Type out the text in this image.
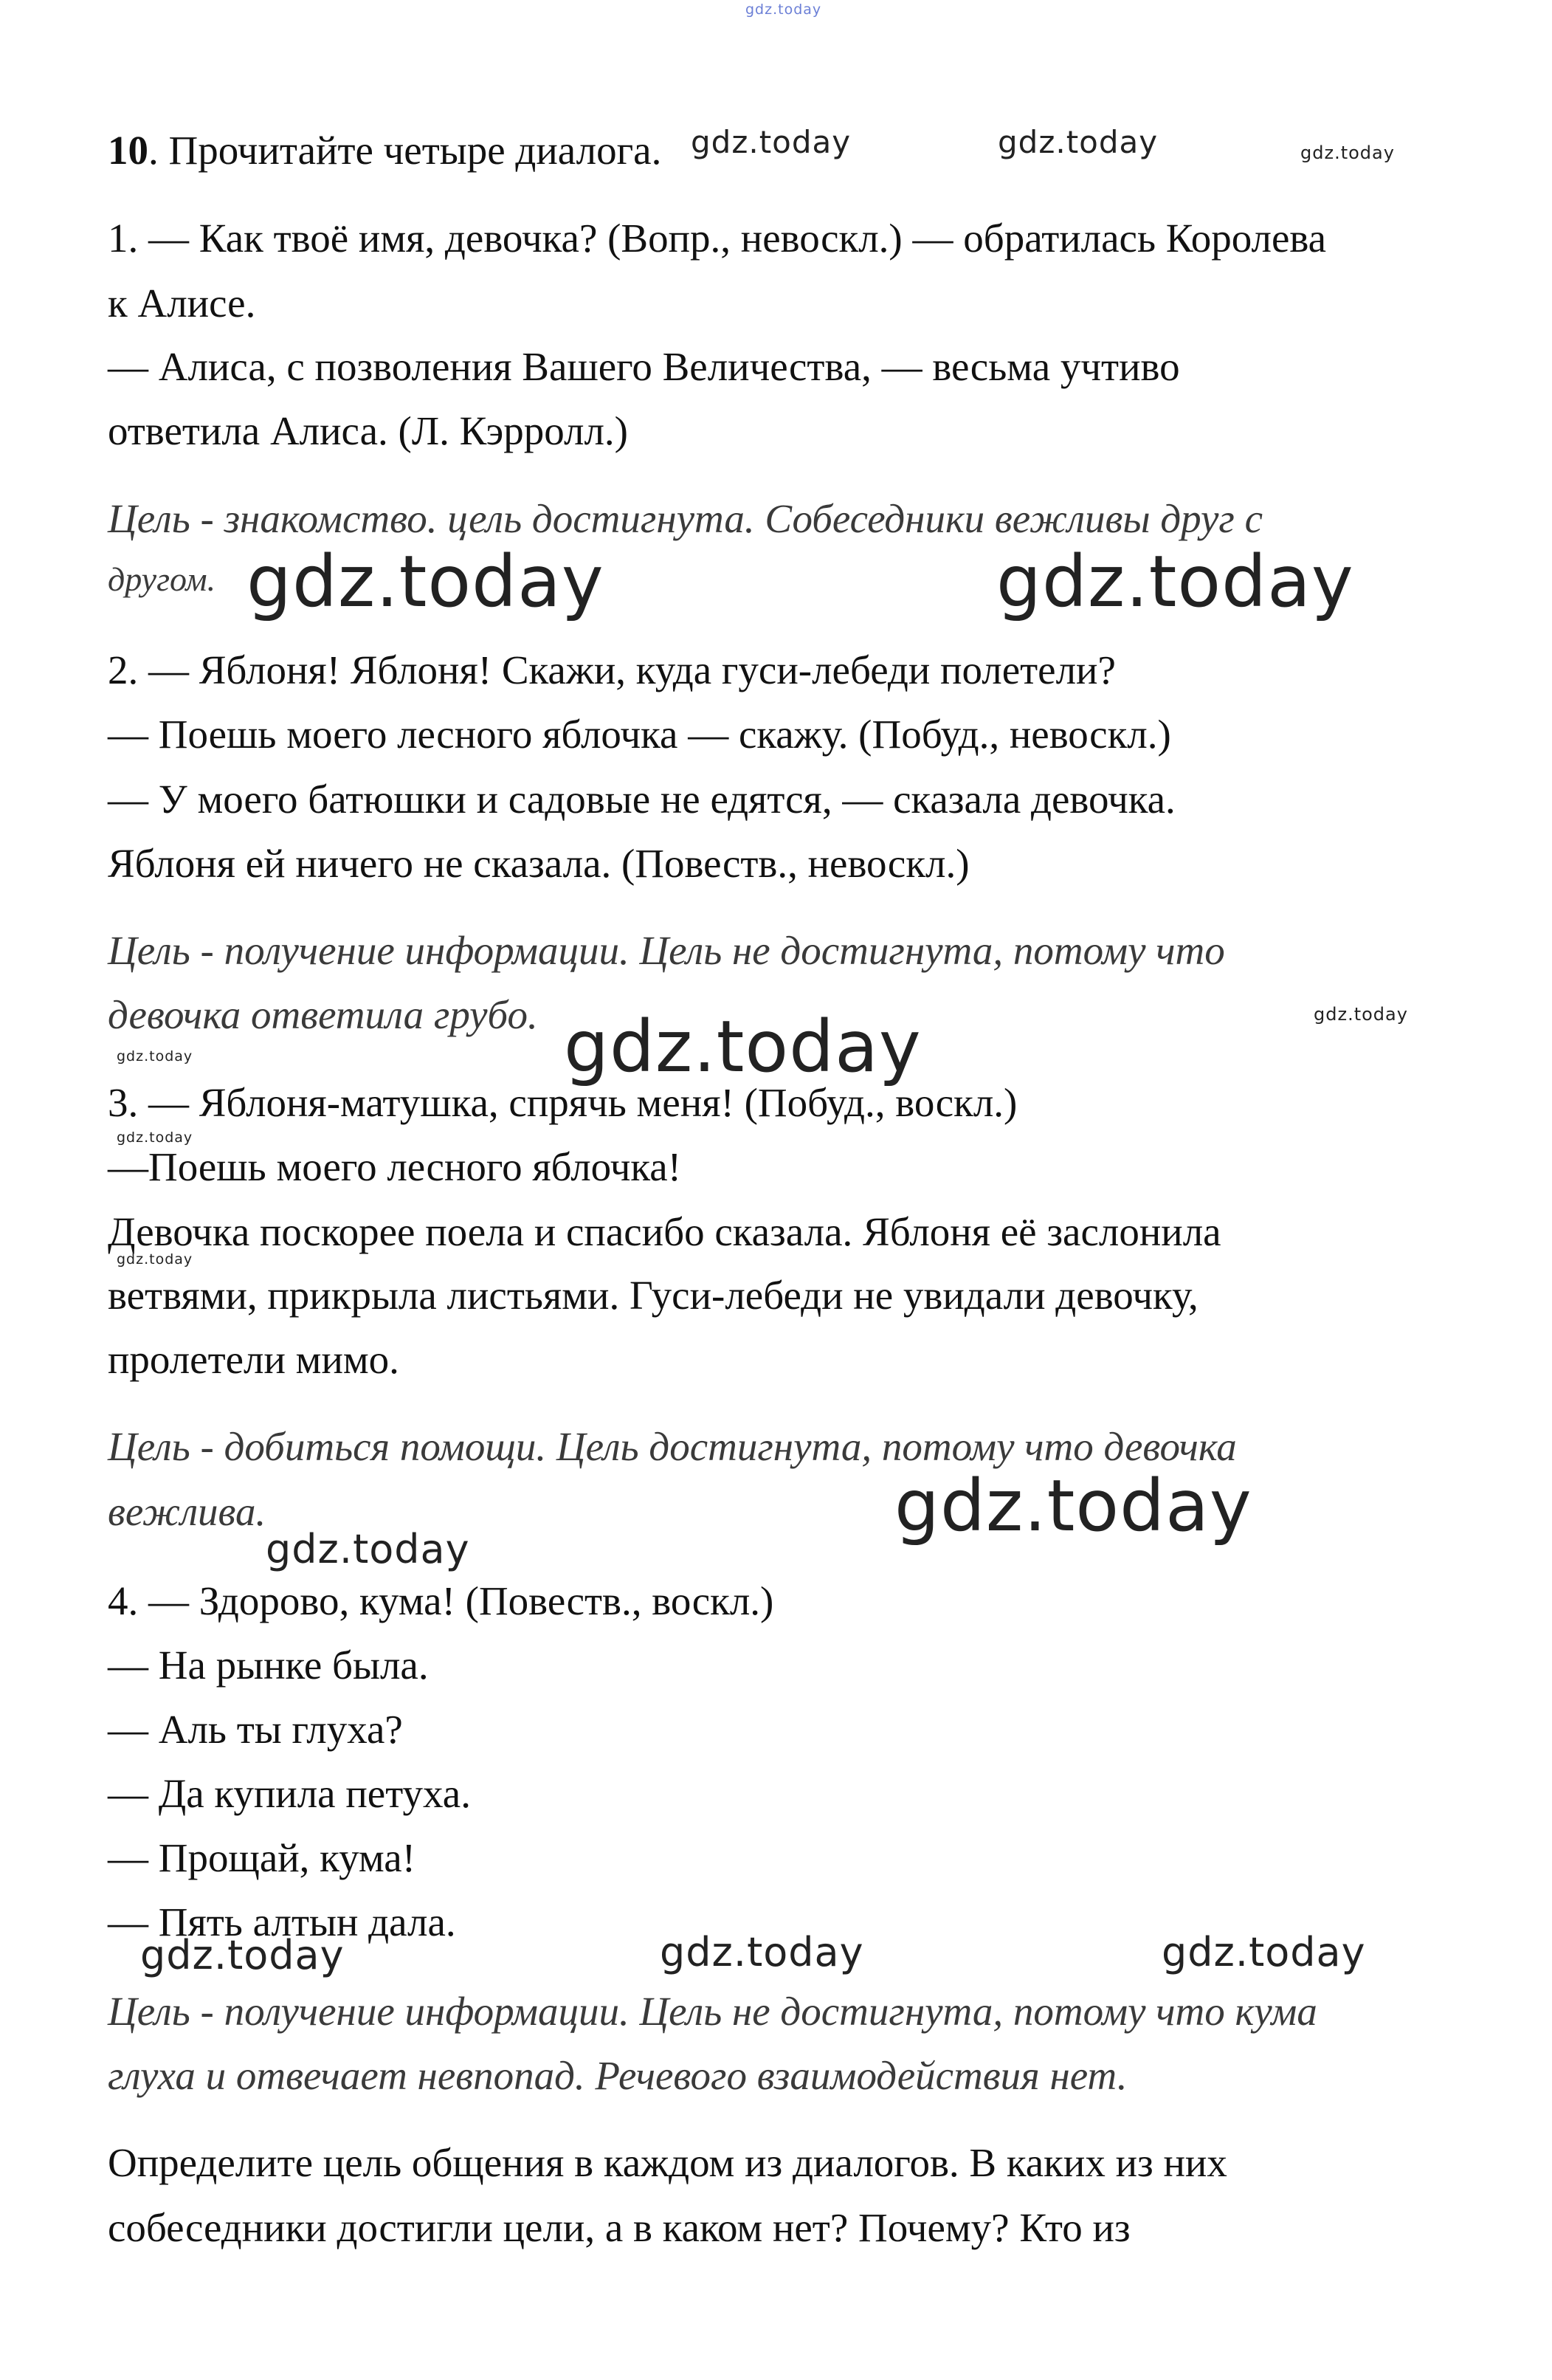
gdz.today

10. Прочитайте четыре диалога. gdz.today	gdz.today	gdz.today

1. — Как твоё имя, девочка? (Вопр., невоскл.) — обратилась Королева

к Алисе.

— Алиса, с позволения Вашего Величества, — весьма учтиво

ответила Алиса. (Л. Кэрролл.)

Цель - знакомство. цель достигнута. Собеседники вежливы друг с

другом. gdz.today	gdz.today

2. — Яблоня! Яблоня! Скажи, куда гуси-лебеди полетели?

— Поешь моего лесного яблочка — скажу. (Побуд., невоскл.)

— У моего батюшки и садовые не едятся, — сказала девочка.

Яблоня ей ничего не сказала. (Повеств., невоскл.)

Цель - получение информации. Цель не достигнута, потому что

девочка ответила грубо. gdz.today	gdz.today
gdz.today

3. — Яблоня-матушка, спрячь меня! (Побуд., воскл.)

gdz.today

—Поешь моего лесного яблочка!

Девочка поскорее поела и спасибо сказала. Яблоня её заслонила

gdz.today

ветвями, прикрыла листьями. Гуси-лебеди не увидали девочку,

пролетели мимо.

Цель - добиться помощи. Цель достигнута, потому что девочка

вежлива.	gdz.today
gdz.today

4. — Здорово, кума! (Повеств., воскл.)

— На рынке была.

— Аль ты глуха?

— Да купила петуха.

— Прощай, кума!

— Пять алтын дала.

gdz.today	gdz.today	gdz.today

Цель - получение информации. Цель не достигнута, потому что кума

глуха и отвечает невпопад. Речевого взаимодействия нет.

Определите цель общения в каждом из диалогов. В каких из них

собеседники достигли цели, а в каком нет? Почему? Кто из
